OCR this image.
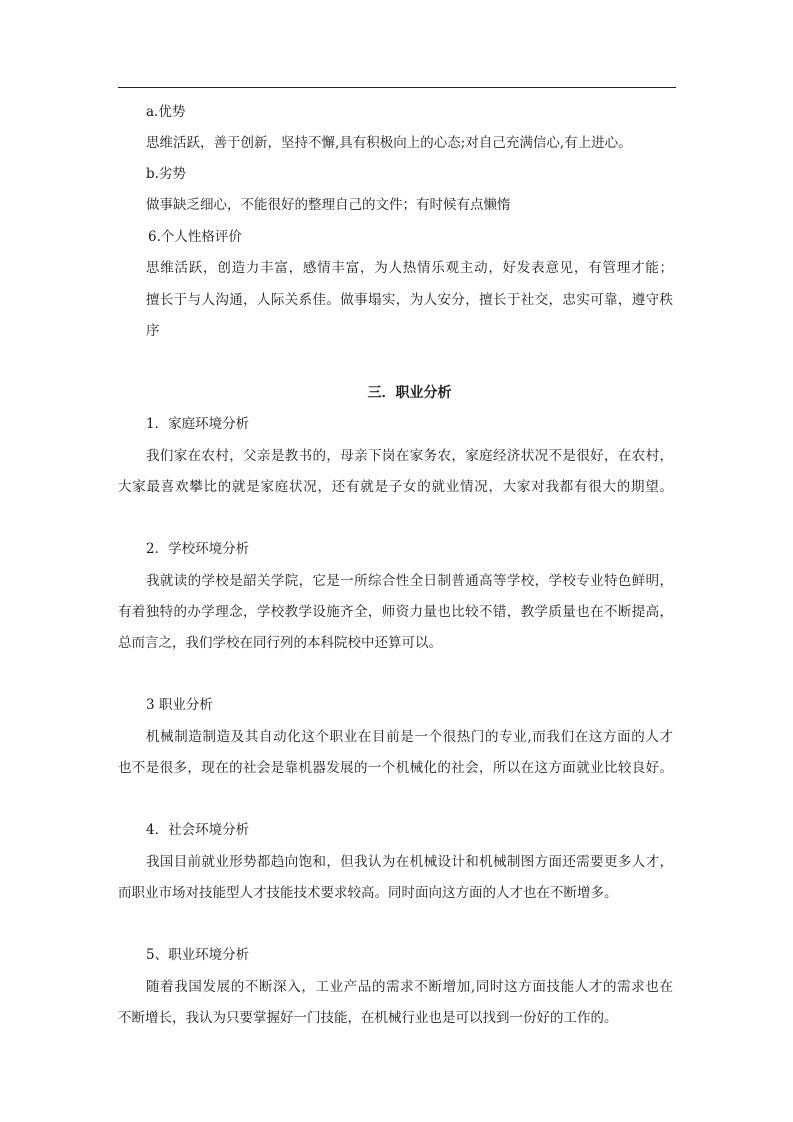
a.优势
思维活跃，善于创新，坚持不懈,具有积极向上的心态;对自己充满信心,有上进心。
b.劣势
做事缺乏细心，不能很好的整理自己的文件；有时候有点懒惰
6.个人性格评价
思维活跃，创造力丰富，感情丰富，为人热情乐观主动，好发表意见，有管理才能；
擅长于与人沟通，人际关系佳。做事塌实，为人安分，擅长于社交，忠实可靠，遵守秩
序
三．职业分析
1．家庭环境分析
我们家在农村，父亲是教书的，母亲下岗在家务农，家庭经济状况不是很好，在农村，
大家最喜欢攀比的就是家庭状况，还有就是子女的就业情况，大家对我都有很大的期望。
2．学校环境分析
我就读的学校是韶关学院，它是一所综合性全日制普通高等学校，学校专业特色鲜明，
有着独特的办学理念，学校教学设施齐全，师资力量也比较不错，教学质量也在不断提高，
总而言之，我们学校在同行列的本科院校中还算可以。
3 职业分析
机械制造制造及其自动化这个职业在目前是一个很热门的专业,而我们在这方面的人才
也不是很多，现在的社会是靠机器发展的一个机械化的社会，所以在这方面就业比较良好。
4．社会环境分析
我国目前就业形势都趋向饱和，但我认为在机械设计和机械制图方面还需要更多人才，
而职业市场对技能型人才技能技术要求较高。同时面向这方面的人才也在不断增多。
5、职业环境分析
随着我国发展的不断深入，工业产品的需求不断增加,同时这方面技能人才的需求也在
不断增长，我认为只要掌握好一门技能，在机械行业也是可以找到一份好的工作的。
